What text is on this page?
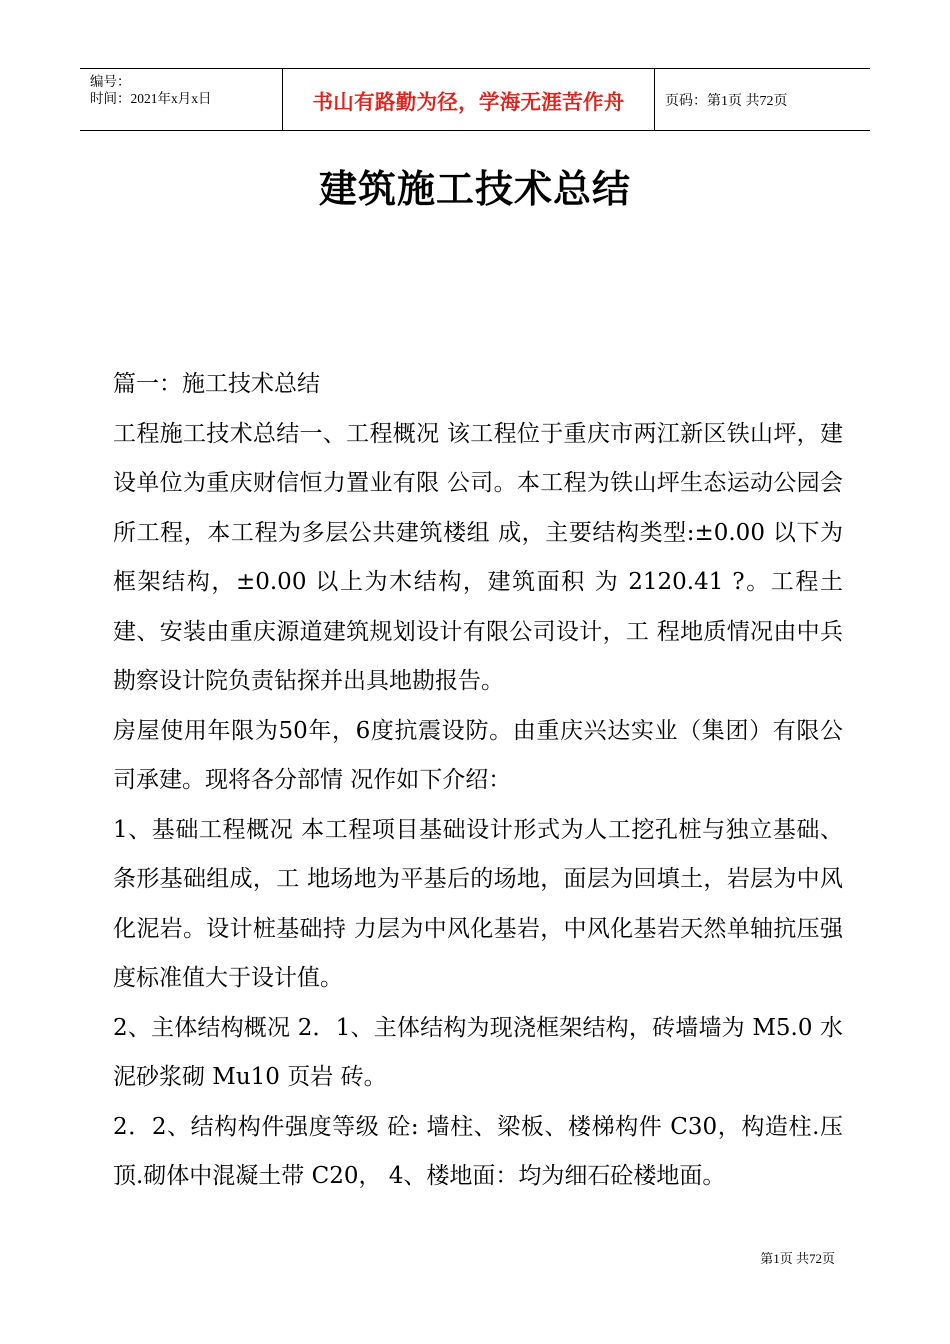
编号：
时间：2021年x月x日	书山有路勤为径，学海无涯苦作舟	页码：第1页 共72页
建筑施工技术总结

篇一：施工技术总结

工程施工技术总结一、工程概况 该工程位于重庆市两江新区铁山坪，建设单位为重庆财信恒力置业有限 公司。本工程为铁山坪生态运动公园会所工程，本工程为多层公共建筑楼组 成，主要结构类型:±0.00 以下为框架结构，±0.00 以上为木结构，建筑面积 为 2120.41 ?。工程土建、安装由重庆源道建筑规划设计有限公司设计，工 程地质情况由中兵勘察设计院负责钻探并出具地勘报告。

房屋使用年限为50年，6度抗震设防。由重庆兴达实业（集团）有限公司承建。现将各分部情 况作如下介绍：

1、基础工程概况 本工程项目基础设计形式为人工挖孔桩与独立基础、条形基础组成，工 地场地为平基后的场地，面层为回填土，岩层为中风化泥岩。设计桩基础持 力层为中风化基岩，中风化基岩天然单轴抗压强度标准值大于设计值。

2、主体结构概况 2．1、主体结构为现浇框架结构，砖墙墙为 M5.0 水泥砂浆砌 Mu10 页岩 砖。

2．2、结构构件强度等级 砼: 墙柱、梁板、楼梯构件 C30，构造柱.压顶.砌体中混凝土带 C20， 4、楼地面：均为细石砼楼地面。

第1页 共72页
